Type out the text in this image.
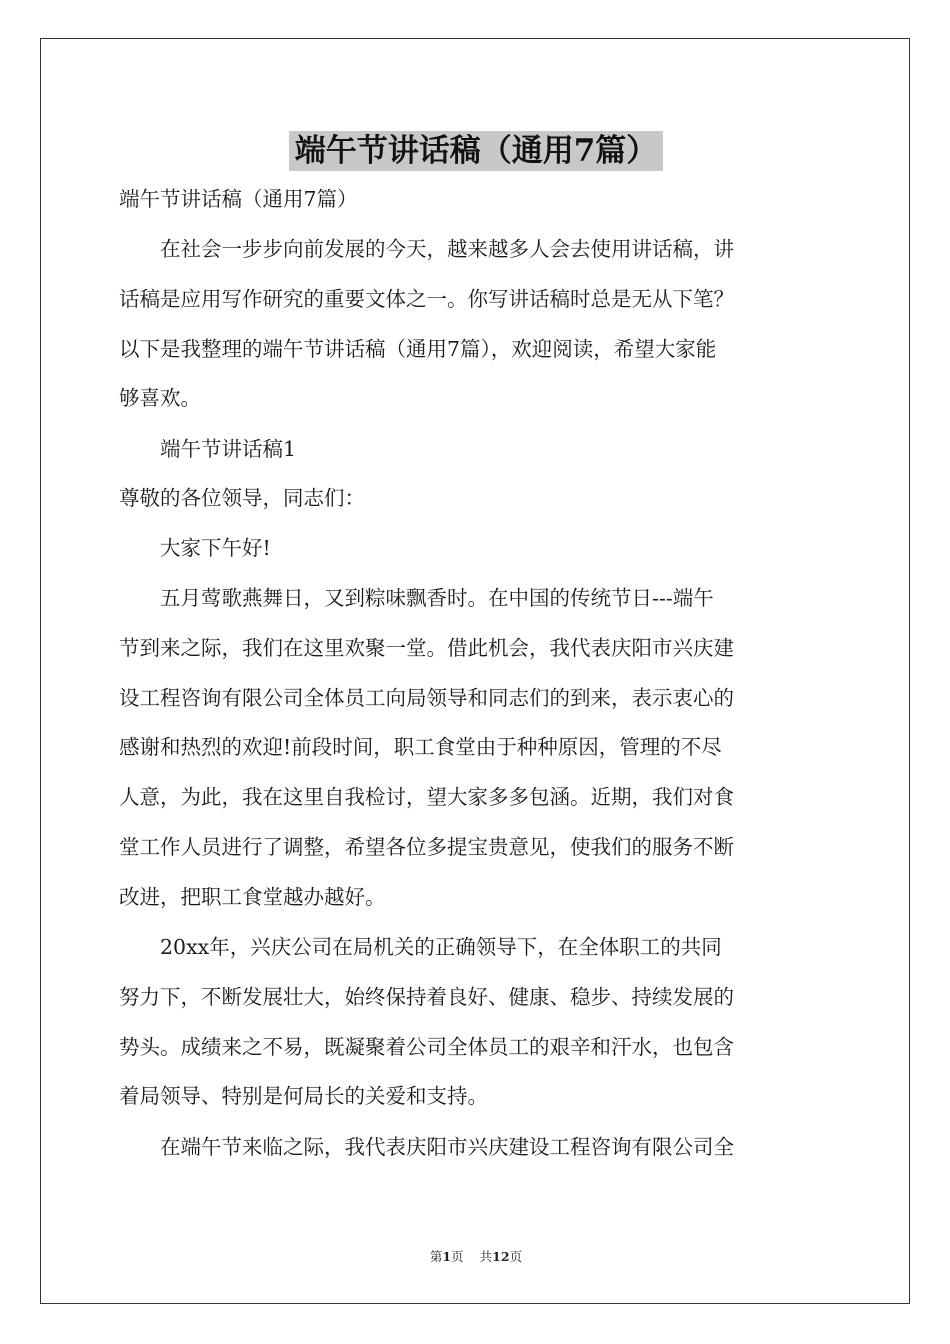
端午节讲话稿（通用7篇）

端午节讲话稿（通用7篇）

　　在社会一步步向前发展的今天，越来越多人会去使用讲话稿，讲
话稿是应用写作研究的重要文体之一。你写讲话稿时总是无从下笔？
以下是我整理的端午节讲话稿（通用7篇），欢迎阅读，希望大家能
够喜欢。

　　端午节讲话稿1

尊敬的各位领导，同志们：

　　大家下午好!

　　五月莺歌燕舞日，又到粽味飘香时。在中国的传统节日---端午
节到来之际，我们在这里欢聚一堂。借此机会，我代表庆阳市兴庆建
设工程咨询有限公司全体员工向局领导和同志们的到来，表示衷心的
感谢和热烈的欢迎!前段时间，职工食堂由于种种原因，管理的不尽
人意，为此，我在这里自我检讨，望大家多多包涵。近期，我们对食
堂工作人员进行了调整，希望各位多提宝贵意见，使我们的服务不断
改进，把职工食堂越办越好。
　　20xx年，兴庆公司在局机关的正确领导下，在全体职工的共同
努力下，不断发展壮大，始终保持着良好、健康、稳步、持续发展的
势头。成绩来之不易，既凝聚着公司全体员工的艰辛和汗水，也包含
着局领导、特别是何局长的关爱和支持。
　　在端午节来临之际，我代表庆阳市兴庆建设工程咨询有限公司全
第1页 共12页
